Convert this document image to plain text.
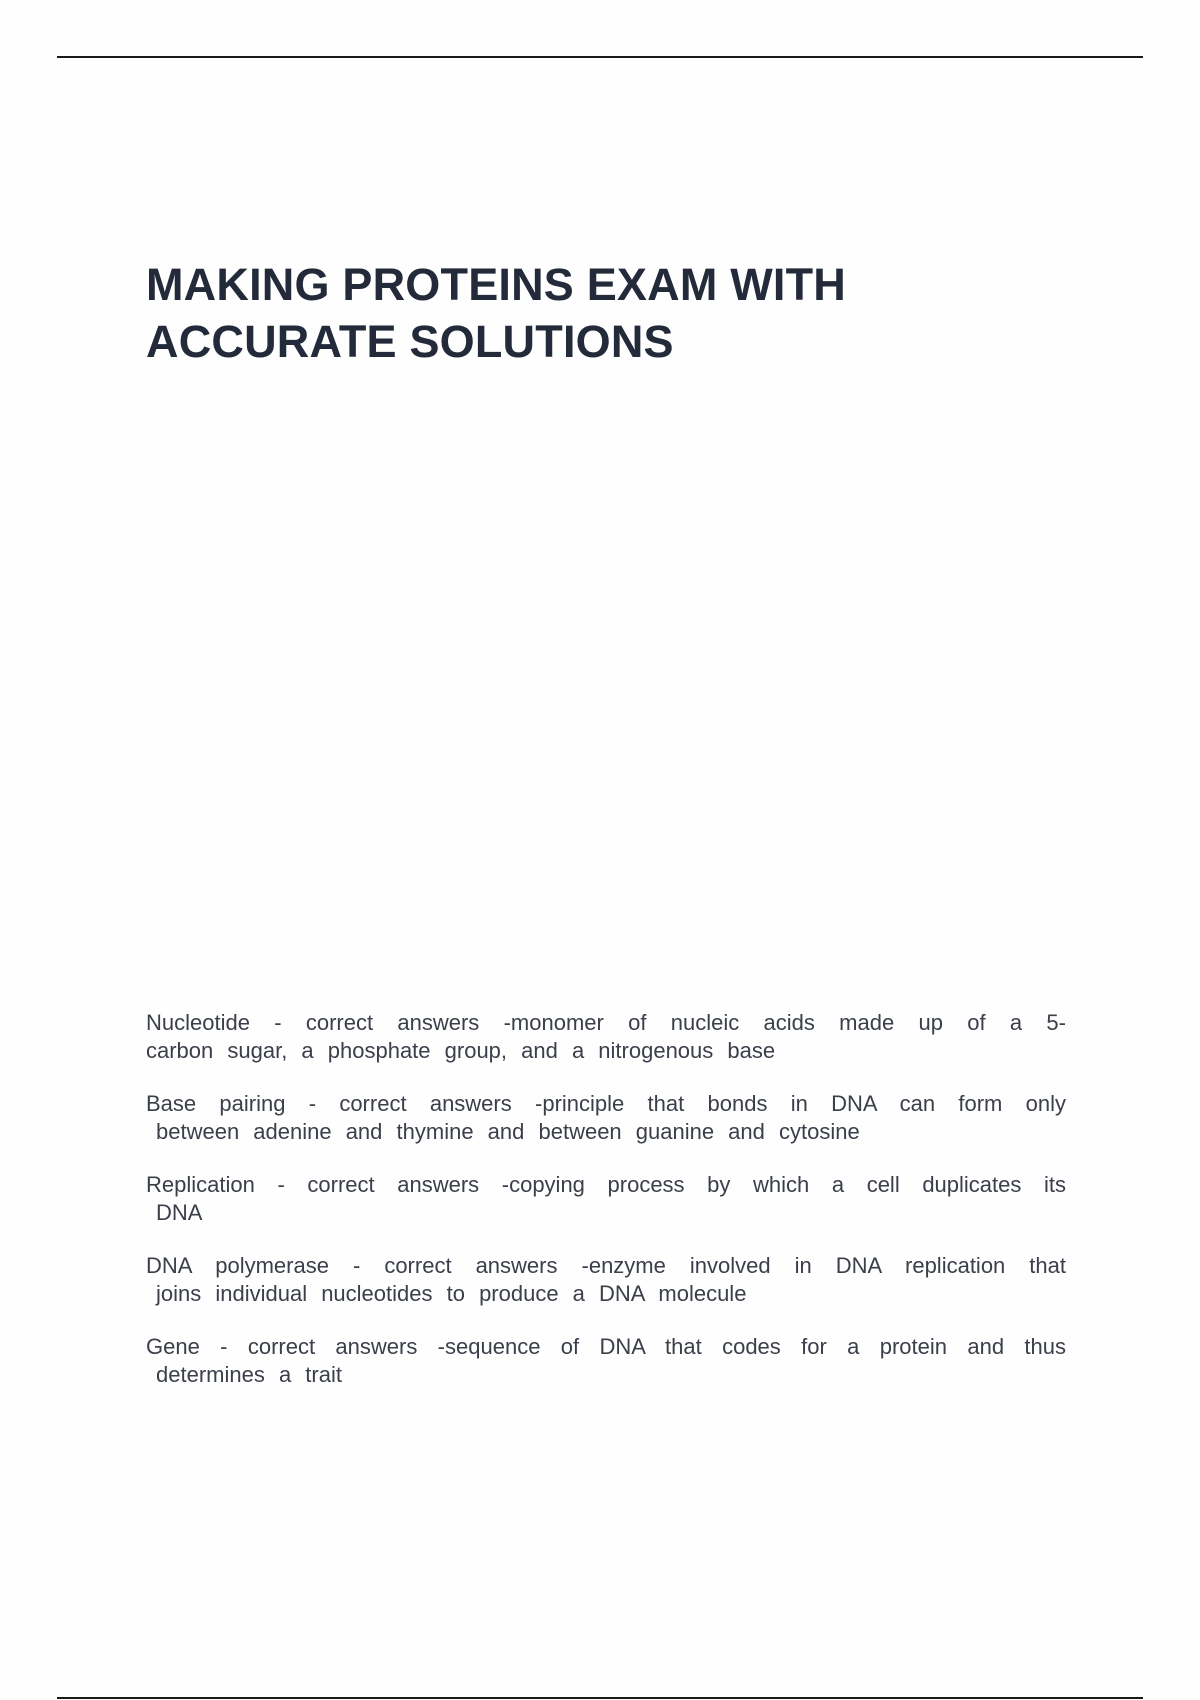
MAKING PROTEINS EXAM WITH
ACCURATE SOLUTIONS

Nucleotide - correct answers -monomer of nucleic acids made up of a 5-
carbon sugar, a phosphate group, and a nitrogenous base

Base pairing - correct answers -principle that bonds in DNA can form only
between adenine and thymine and between guanine and cytosine

Replication - correct answers -copying process by which a cell duplicates its
DNA

DNA polymerase - correct answers -enzyme involved in DNA replication that
joins individual nucleotides to produce a DNA molecule

Gene - correct answers -sequence of DNA that codes for a protein and thus
determines a trait
